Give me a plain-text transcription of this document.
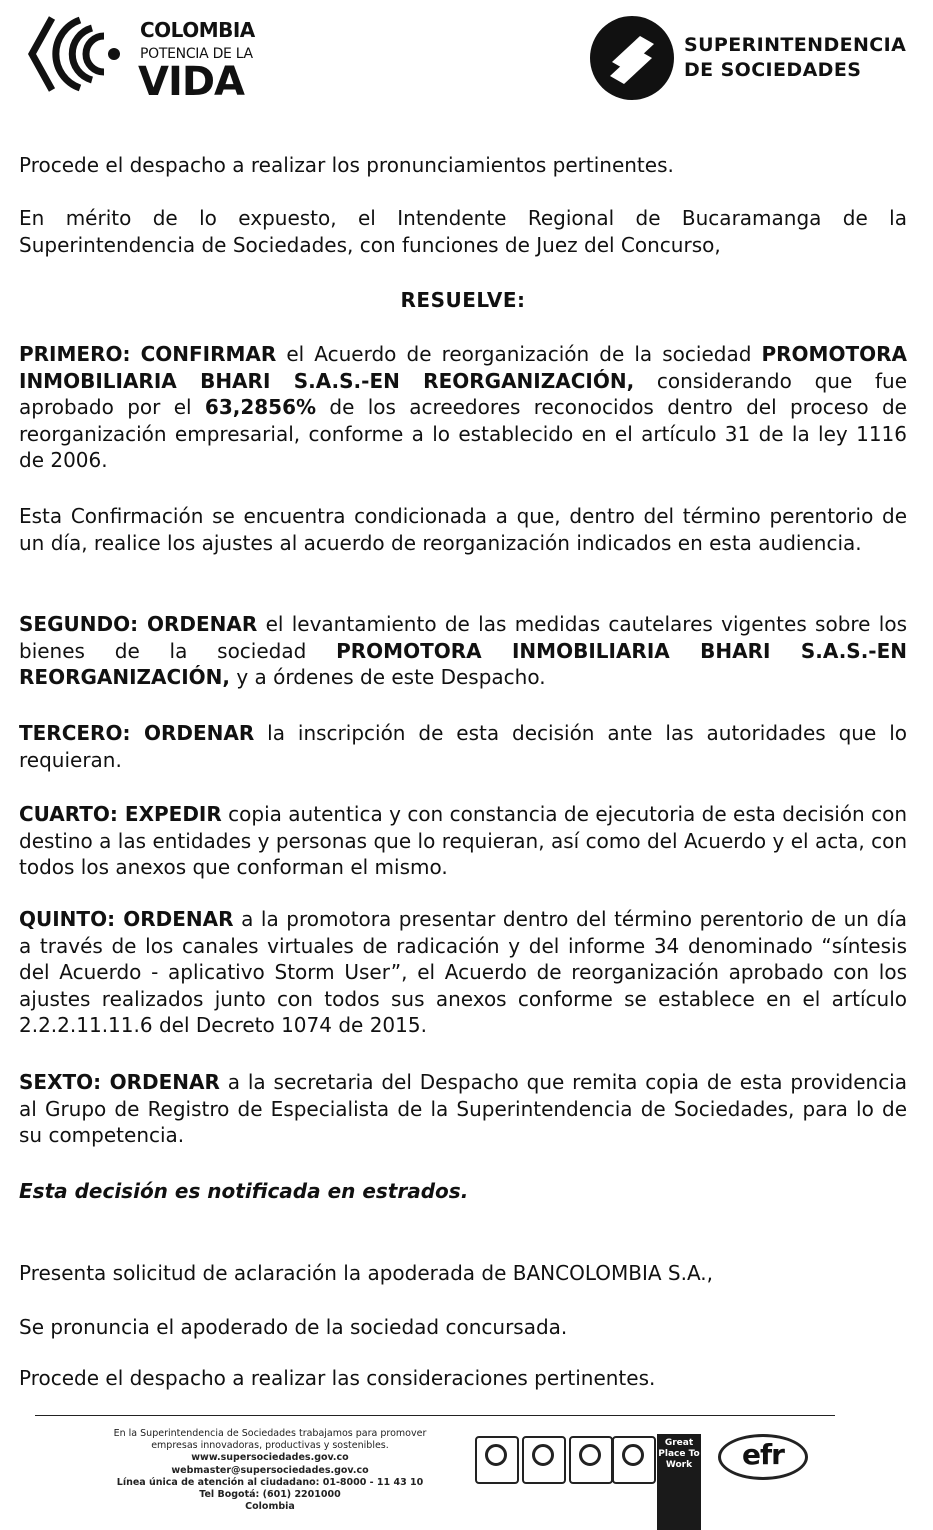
COLOMBIA
POTENCIA DE LA
VIDA
SUPERINTENDENCIA
DE SOCIEDADES

Procede el despacho a realizar los pronunciamientos pertinentes.

En mérito de lo expuesto, el Intendente Regional de Bucaramanga de la Superintendencia de Sociedades, con funciones de Juez del Concurso,

RESUELVE:

PRIMERO: CONFIRMAR el Acuerdo de reorganización de la sociedad PROMOTORA INMOBILIARIA BHARI S.A.S.-EN REORGANIZACIÓN, considerando que fue aprobado por el 63,2856% de los acreedores reconocidos dentro del proceso de reorganización empresarial, conforme a lo establecido en el artículo 31 de la ley 1116 de 2006.

Esta Confirmación se encuentra condicionada a que, dentro del término perentorio de un día, realice los ajustes al acuerdo de reorganización indicados en esta audiencia.

SEGUNDO: ORDENAR el levantamiento de las medidas cautelares vigentes sobre los bienes de la sociedad PROMOTORA INMOBILIARIA BHARI S.A.S.-EN REORGANIZACIÓN, y a órdenes de este Despacho.

TERCERO: ORDENAR la inscripción de esta decisión ante las autoridades que lo requieran.

CUARTO: EXPEDIR copia autentica y con constancia de ejecutoria de esta decisión con destino a las entidades y personas que lo requieran, así como del Acuerdo y el acta, con todos los anexos que conforman el mismo.

QUINTO: ORDENAR a la promotora presentar dentro del término perentorio de un día a través de los canales virtuales de radicación y del informe 34 denominado “síntesis del Acuerdo - aplicativo Storm User”, el Acuerdo de reorganización aprobado con los ajustes realizados junto con todos sus anexos conforme se establece en el artículo 2.2.2.11.11.6 del Decreto 1074 de 2015.

SEXTO: ORDENAR a la secretaria del Despacho que remita copia de esta providencia al Grupo de Registro de Especialista de la Superintendencia de Sociedades, para lo de su competencia.

Esta decisión es notificada en estrados.

Presenta solicitud de aclaración la apoderada de BANCOLOMBIA S.A.,

Se pronuncia el apoderado de la sociedad concursada.

Procede el despacho a realizar las consideraciones pertinentes.

En la Superintendencia de Sociedades trabajamos para promover
empresas innovadoras, productivas y sostenibles.
www.supersociedades.gov.co
webmaster@supersociedades.gov.co
Línea única de atención al ciudadano: 01-8000 - 11 43 10
Tel Bogotá: (601) 2201000
Colombia
Great Place To Work	efr
